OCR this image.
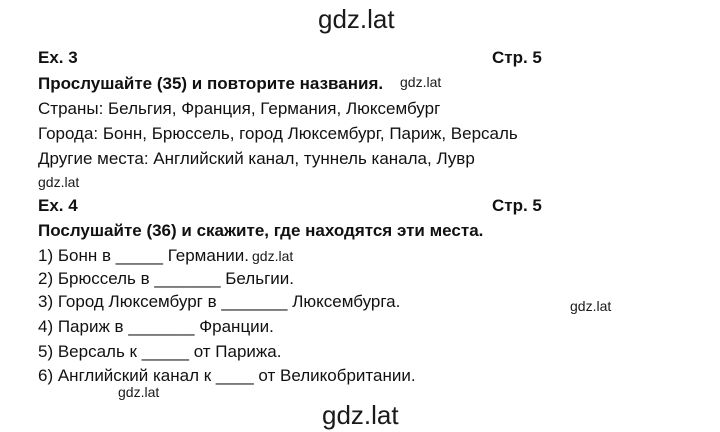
gdz.lat
gdz.lat
gdz.lat
gdz.lat
gdz.lat
gdz.lat
gdz.lat
Ex. 3	Стр. 5
Прослушайте (35) и повторите названия.
Страны: Бельгия, Франция, Германия, Люксембург
Города: Бонн, Брюссель, город Люксембург, Париж, Версаль
Другие места: Английский канал, туннель канала, Лувр
Ex. 4	Стр. 5
Послушайте (36) и скажите, где находятся эти места.
1) Бонн в _____ Германии.
2) Брюссель в _______ Бельгии.
3) Город Люксембург в _______ Люксембурга.
4) Париж в _______ Франции.
5) Версаль к _____ от Парижа.
6) Английский канал к ____ от Великобритании.
